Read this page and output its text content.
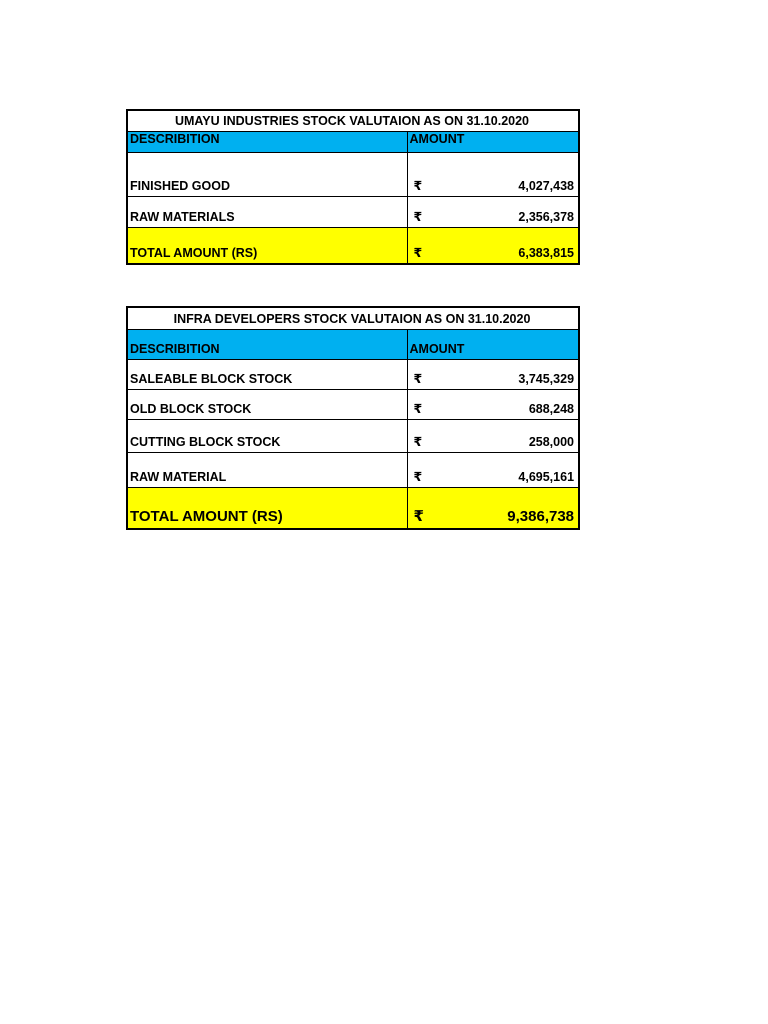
UMAYU INDUSTRIES STOCK VALUTAION AS ON 31.10.2020	
DESCRIBITION	AMOUNT
FINISHED GOOD	₹ 4,027,438

RAW MATERIALS	₹ 2,356,378

TOTAL AMOUNT (RS)	₹ 6,383,815
INFRA DEVELOPERS STOCK VALUTAION AS ON 31.10.2020	
DESCRIBITION	AMOUNT
SALEABLE BLOCK STOCK	₹ 3,745,329

OLD BLOCK STOCK	₹ 688,248

CUTTING BLOCK STOCK	₹ 258,000

RAW MATERIAL	₹ 4,695,161

TOTAL AMOUNT (RS)	₹ 9,386,738
